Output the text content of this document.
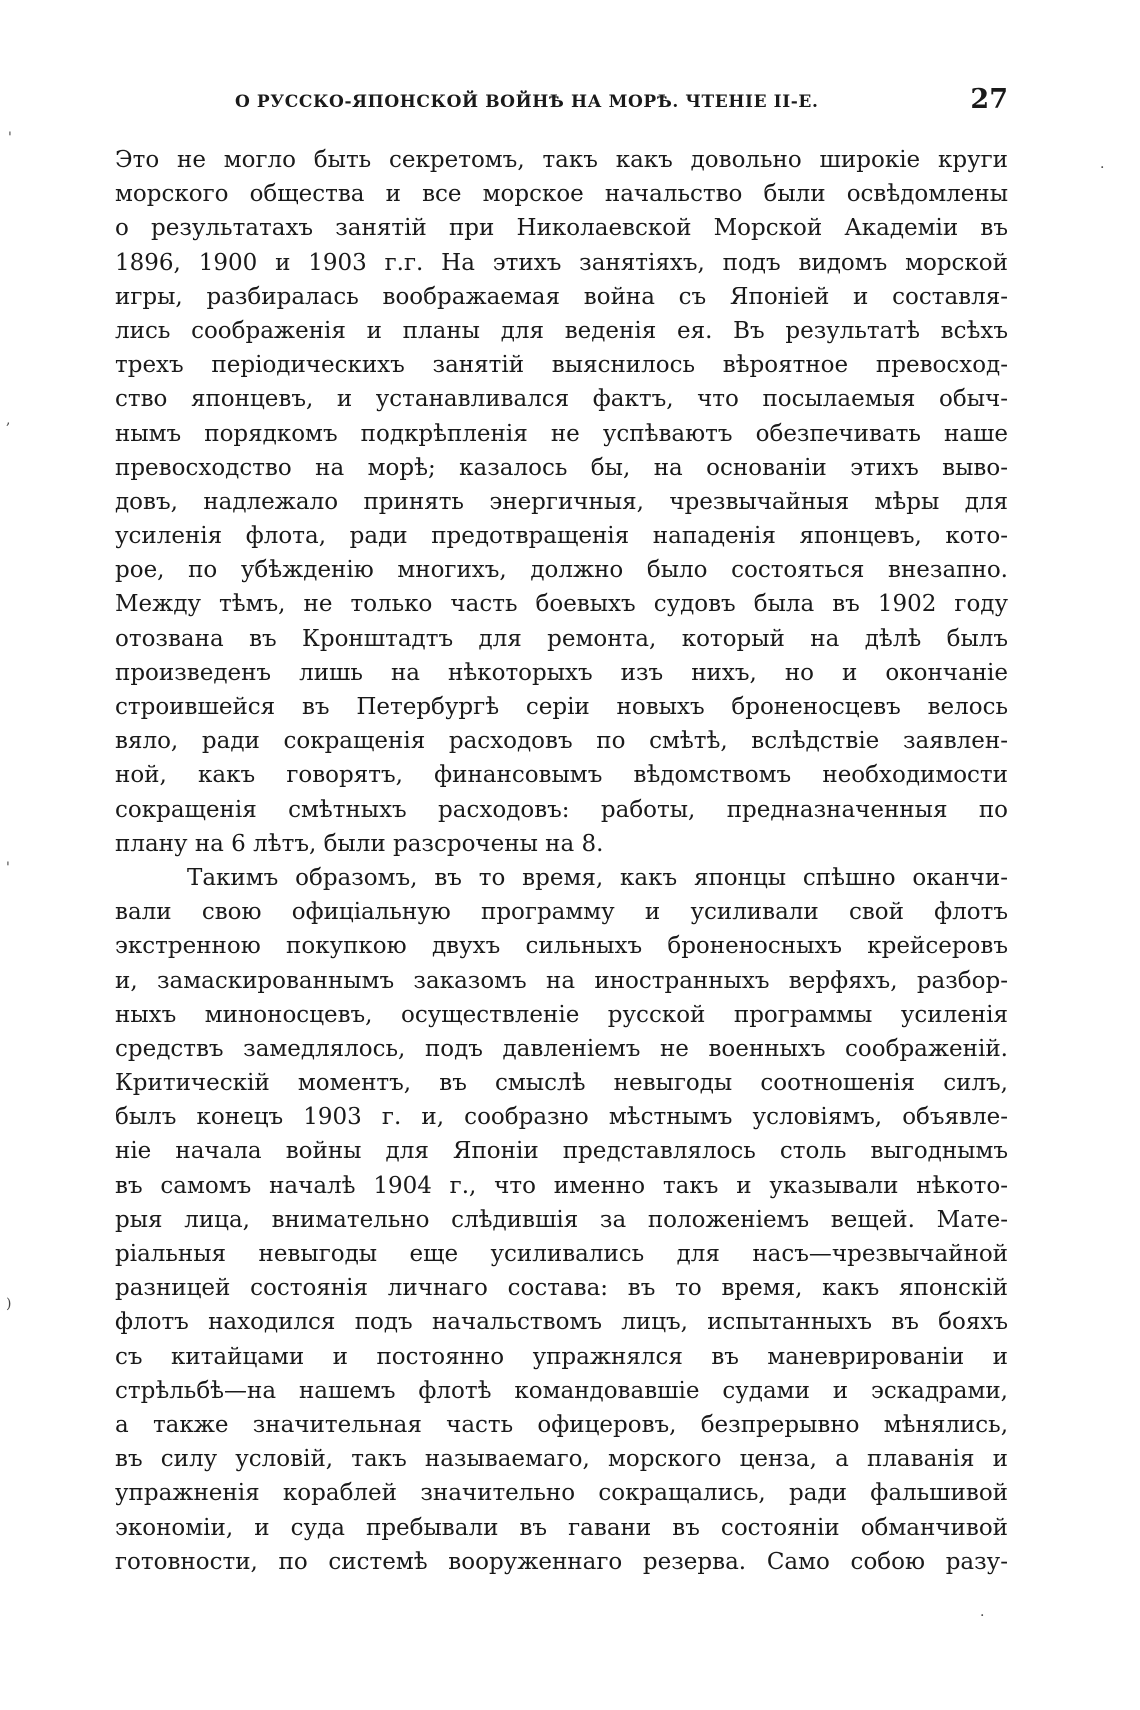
О РУССКО-ЯПОНСКОЙ ВОЙНѢ НА МОРѢ. ЧТЕНІЕ II-Е.	27
Это не могло быть секретомъ, такъ какъ довольно широкіе круги
морского общества и все морское начальство были освѣдомлены
о результатахъ занятій при Николаевской Морской Академіи въ
1896, 1900 и 1903 г.г. На этихъ занятіяхъ, подъ видомъ морской
игры, разбиралась воображаемая война съ Японіей и составля-
лись соображенія и планы для веденія ея. Въ результатѣ всѣхъ
трехъ періодическихъ занятій выяснилось вѣроятное превосход-
ство японцевъ, и устанавливался фактъ, что посылаемыя обыч-
нымъ порядкомъ подкрѣпленія не успѣваютъ обезпечивать наше
превосходство на морѣ; казалось бы, на основаніи этихъ выво-
довъ, надлежало принять энергичныя, чрезвычайныя мѣры для
усиленія флота, ради предотвращенія нападенія японцевъ, кото-
рое, по убѣжденію многихъ, должно было состояться внезапно.
Между тѣмъ, не только часть боевыхъ судовъ была въ 1902 году
отозвана въ Кронштадтъ для ремонта, который на дѣлѣ былъ
произведенъ лишь на нѣкоторыхъ изъ нихъ, но и окончаніе
строившейся въ Петербургѣ серіи новыхъ броненосцевъ велось
вяло, ради сокращенія расходовъ по смѣтѣ, вслѣдствіе заявлен-
ной, какъ говорятъ, финансовымъ вѣдомствомъ необходимости
сокращенія смѣтныхъ расходовъ: работы, предназначенныя по
плану на 6 лѣтъ, были разсрочены на 8.
Такимъ образомъ, въ то время, какъ японцы спѣшно оканчи-
вали свою офиціальную программу и усиливали свой флотъ
экстренною покупкою двухъ сильныхъ броненосныхъ крейсеровъ
и, замаскированнымъ заказомъ на иностранныхъ верфяхъ, разбор-
ныхъ миноносцевъ, осуществленіе русской программы усиленія
средствъ замедлялось, подъ давленіемъ не военныхъ соображеній.
Критическій моментъ, въ смыслѣ невыгоды соотношенія силъ,
былъ конецъ 1903 г. и, сообразно мѣстнымъ условіямъ, объявле-
ніе начала войны для Японіи представлялось столь выгоднымъ
въ самомъ началѣ 1904 г., что именно такъ и указывали нѣкото-
рыя лица, внимательно слѣдившія за положеніемъ вещей. Мате-
ріальныя невыгоды еще усиливались для насъ—чрезвычайной
разницей состоянія личнаго состава: въ то время, какъ японскій
флотъ находился подъ начальствомъ лицъ, испытанныхъ въ бояхъ
съ китайцами и постоянно упражнялся въ маневрированіи и
стрѣльбѣ—на нашемъ флотѣ командовавшіе судами и эскадрами,
а также значительная часть офицеровъ, безпрерывно мѣнялись,
въ силу условій, такъ называемаго, морского ценза, а плаванія и
упражненія кораблей значительно сокращались, ради фальшивой
экономіи, и суда пребывали въ гавани въ состояніи обманчивой
готовности, по системѣ вооруженнаго резерва. Само собою разу-
'
,
'
)
·
·
